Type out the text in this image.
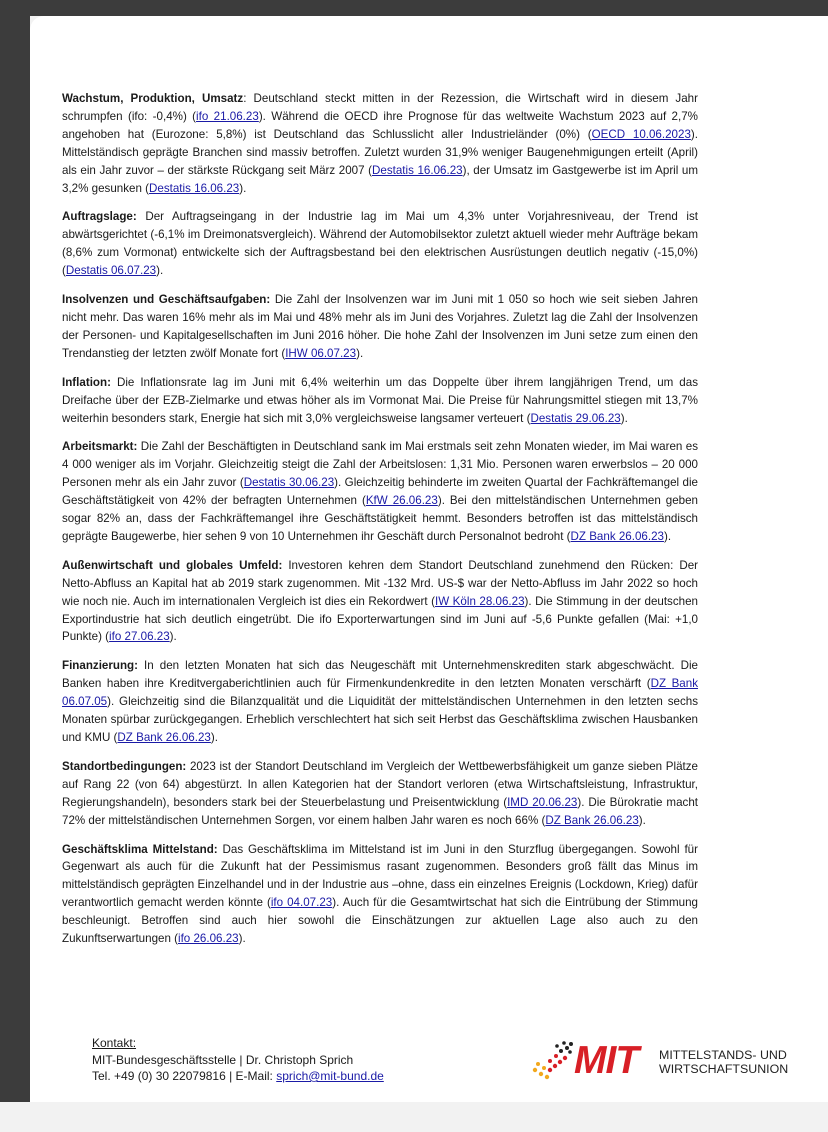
Wachstum, Produktion, Umsatz: Deutschland steckt mitten in der Rezession, die Wirtschaft wird in diesem Jahr schrumpfen (ifo: -0,4%) (ifo 21.06.23). Während die OECD ihre Prognose für das weltweite Wachstum 2023 auf 2,7% angehoben hat (Eurozone: 5,8%) ist Deutschland das Schlusslicht aller Industrieländer (0%) (OECD 10.06.2023). Mittelständisch geprägte Branchen sind massiv betroffen. Zuletzt wurden 31,9% weniger Baugenehmigungen erteilt (April) als ein Jahr zuvor – der stärkste Rückgang seit März 2007 (Destatis 16.06.23), der Umsatz im Gastgewerbe ist im April um 3,2% gesunken (Destatis 16.06.23).

Auftragslage: Der Auftragseingang in der Industrie lag im Mai um 4,3% unter Vorjahresniveau, der Trend ist abwärtsgerichtet (-6,1% im Dreimonatsvergleich). Während der Automobilsektor zuletzt aktuell wieder mehr Aufträge bekam (8,6% zum Vormonat) entwickelte sich der Auftragsbestand bei den elektrischen Ausrüstungen deutlich negativ (-15,0%) (Destatis 06.07.23).

Insolvenzen und Geschäftsaufgaben: Die Zahl der Insolvenzen war im Juni mit 1 050 so hoch wie seit sieben Jahren nicht mehr. Das waren 16% mehr als im Mai und 48% mehr als im Juni des Vorjahres. Zuletzt lag die Zahl der Insolvenzen der Personen- und Kapitalgesellschaften im Juni 2016 höher. Die hohe Zahl der Insolvenzen im Juni setze zum einen den Trendanstieg der letzten zwölf Monate fort (IHW 06.07.23).

Inflation: Die Inflationsrate lag im Juni mit 6,4% weiterhin um das Doppelte über ihrem langjährigen Trend, um das Dreifache über der EZB-Zielmarke und etwas höher als im Vormonat Mai. Die Preise für Nahrungsmittel stiegen mit 13,7% weiterhin besonders stark, Energie hat sich mit 3,0% vergleichsweise langsamer verteuert (Destatis 29.06.23).

Arbeitsmarkt: Die Zahl der Beschäftigten in Deutschland sank im Mai erstmals seit zehn Monaten wieder, im Mai waren es 4 000 weniger als im Vorjahr. Gleichzeitig steigt die Zahl der Arbeitslosen: 1,31 Mio. Personen waren erwerbslos – 20 000 Personen mehr als ein Jahr zuvor (Destatis 30.06.23). Gleichzeitig behinderte im zweiten Quartal der Fachkräftemangel die Geschäftstätigkeit von 42% der befragten Unternehmen (KfW 26.06.23). Bei den mittelständischen Unternehmen geben sogar 82% an, dass der Fachkräftemangel ihre Geschäftstätigkeit hemmt. Besonders betroffen ist das mittelständisch geprägte Baugewerbe, hier sehen 9 von 10 Unternehmen ihr Geschäft durch Personalnot bedroht (DZ Bank 26.06.23).

Außenwirtschaft und globales Umfeld: Investoren kehren dem Standort Deutschland zunehmend den Rücken: Der Netto-Abfluss an Kapital hat ab 2019 stark zugenommen. Mit -132 Mrd. US-$ war der Netto-Abfluss im Jahr 2022 so hoch wie noch nie. Auch im internationalen Vergleich ist dies ein Rekordwert (IW Köln 28.06.23). Die Stimmung in der deutschen Exportindustrie hat sich deutlich eingetrübt. Die ifo Exporterwartungen sind im Juni auf -5,6 Punkte gefallen (Mai: +1,0 Punkte) (ifo 27.06.23).

Finanzierung: In den letzten Monaten hat sich das Neugeschäft mit Unternehmenskrediten stark abgeschwächt. Die Banken haben ihre Kreditvergaberichtlinien auch für Firmenkundenkredite in den letzten Monaten verschärft (DZ Bank 06.07.05). Gleichzeitig sind die Bilanzqualität und die Liquidität der mittelständischen Unternehmen in den letzten sechs Monaten spürbar zurückgegangen. Erheblich verschlechtert hat sich seit Herbst das Geschäftsklima zwischen Hausbanken und KMU (DZ Bank 26.06.23).

Standortbedingungen: 2023 ist der Standort Deutschland im Vergleich der Wettbewerbsfähigkeit um ganze sieben Plätze auf Rang 22 (von 64) abgestürzt. In allen Kategorien hat der Standort verloren (etwa Wirtschaftsleistung, Infrastruktur, Regierungshandeln), besonders stark bei der Steuerbelastung und Preisentwicklung (IMD 20.06.23). Die Bürokratie macht 72% der mittelständischen Unternehmen Sorgen, vor einem halben Jahr waren es noch 66% (DZ Bank 26.06.23).

Geschäftsklima Mittelstand: Das Geschäftsklima im Mittelstand ist im Juni in den Sturzflug übergegangen. Sowohl für Gegenwart als auch für die Zukunft hat der Pessimismus rasant zugenommen. Besonders groß fällt das Minus im mittelständisch geprägten Einzelhandel und in der Industrie aus –ohne, dass ein einzelnes Ereignis (Lockdown, Krieg) dafür verantwortlich gemacht werden könnte (ifo 04.07.23). Auch für die Gesamtwirtschat hat sich die Eintrübung der Stimmung beschleunigt. Betroffen sind auch hier sowohl die Einschätzungen zur aktuellen Lage also auch zu den Zukunftserwartungen (ifo 26.06.23).

Kontakt:
MIT-Bundesgeschäftsstelle | Dr. Christoph Sprich
Tel. +49 (0) 30 22079816 | E-Mail: sprich@mit-bund.de	MIT MITTELSTANDS- UND
WIRTSCHAFTSUNION
